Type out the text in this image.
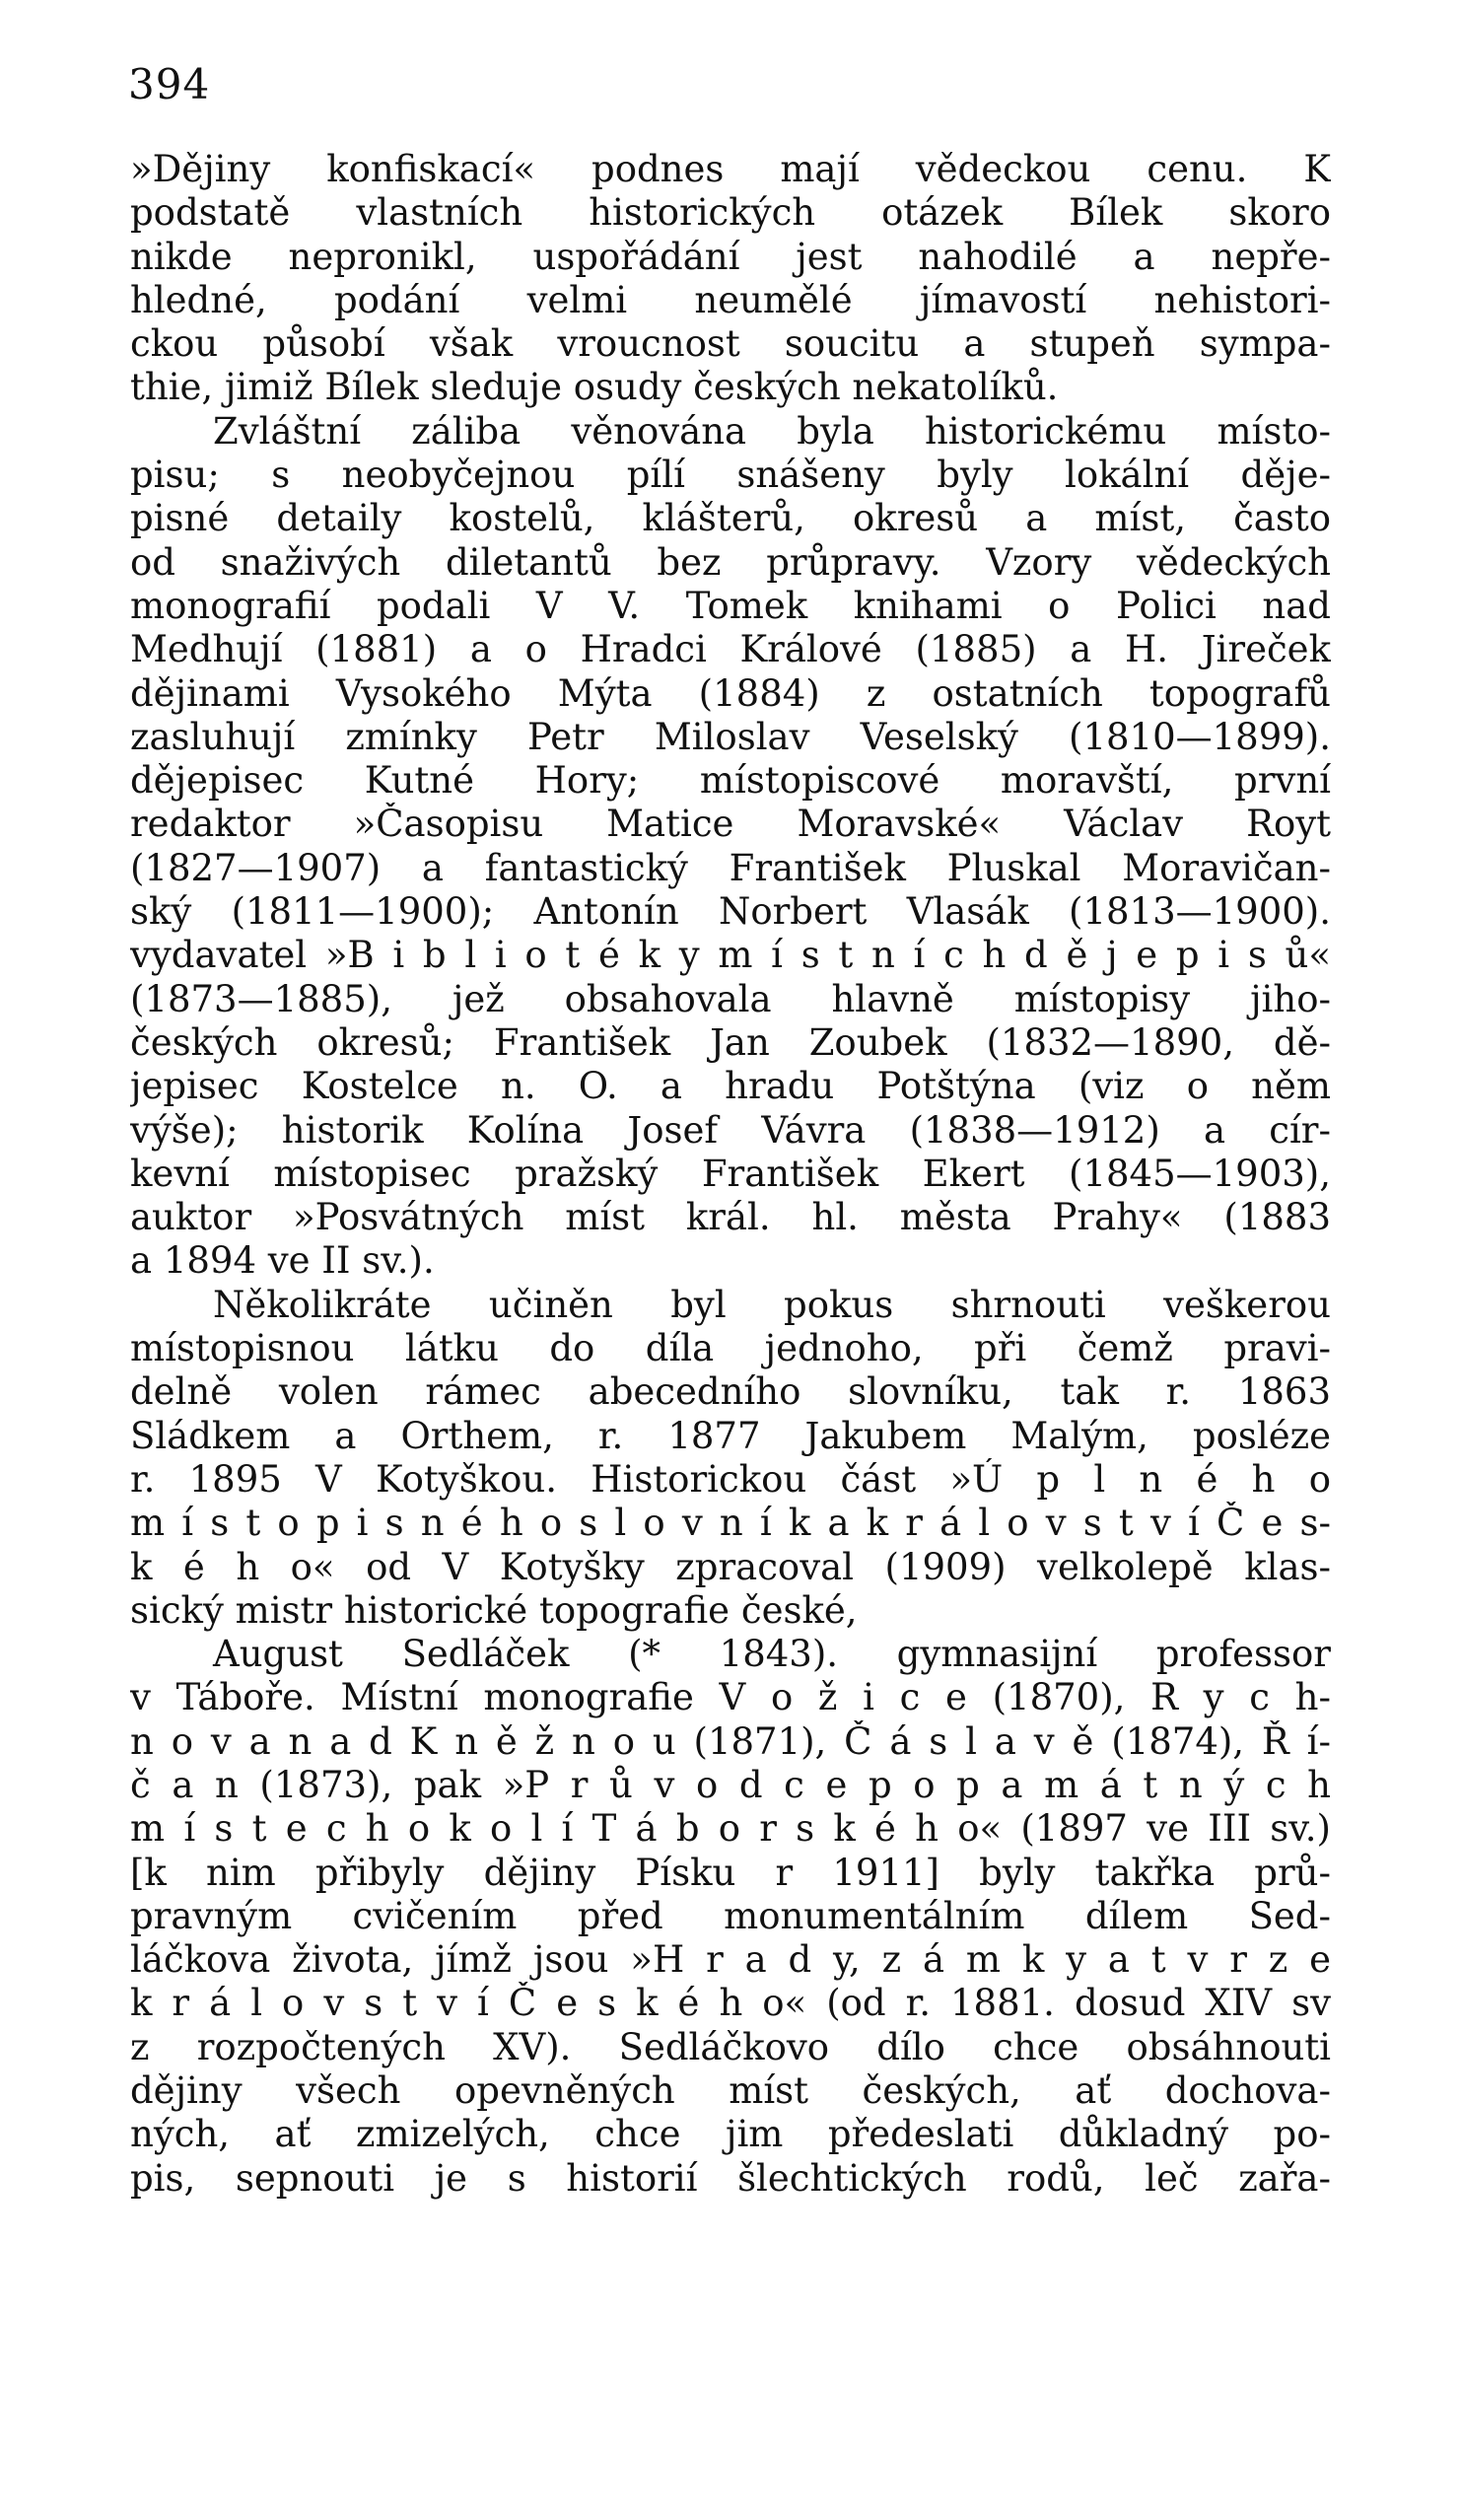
394
»Dějiny konfiskací« podnes mají vědeckou cenu. K
podstatě vlastních historických otázek Bílek skoro
nikde nepronikl, uspořádání jest nahodilé a nepře-
hledné, podání velmi neumělé jímavostí nehistori-
ckou působí však vroucnost soucitu a stupeň sympa-
thie, jimiž Bílek sleduje osudy českých nekatolíků.
Zvláštní záliba věnována byla historickému místo-
pisu; s neobyčejnou pílí snášeny byly lokální děje-
pisné detaily kostelů, klášterů, okresů a míst, často
od snaživých diletantů bez průpravy. Vzory vědeckých
monografií podali V V. Tomek knihami o Polici nad
Medhují (1881) a o Hradci Králové (1885) a H. Jireček
dějinami Vysokého Mýta (1884) z ostatních topografů
zasluhují zmínky Petr Miloslav Veselský (1810—1899).
dějepisec Kutné Hory; místopiscové moravští, první
redaktor »Časopisu Matice Moravské« Václav Royt
(1827—1907) a fantastický František Pluskal Moravičan-
ský (1811—1900); Antonín Norbert Vlasák (1813—1900).
vydavatel »B i b l i o t é k y m í s t n í c h d ě j e p i s ů«
(1873—1885), jež obsahovala hlavně místopisy jiho-
českých okresů; František Jan Zoubek (1832—1890, dě-
jepisec Kostelce n. O. a hradu Potštýna (viz o něm
výše); historik Kolína Josef Vávra (1838—1912) a cír-
kevní místopisec pražský František Ekert (1845—1903),
auktor »Posvátných míst král. hl. města Prahy« (1883
a 1894 ve II sv.).
Několikráte učiněn byl pokus shrnouti veškerou
místopisnou látku do díla jednoho, při čemž pravi-
delně volen rámec abecedního slovníku, tak r. 1863
Sládkem a Orthem, r. 1877 Jakubem Malým, posléze
r. 1895 V Kotyškou. Historickou část »Ú p l n é h o
m í s t o p i s n é h o s l o v n í k a k r á l o v s t v í Č e s-
k é h o« od V Kotyšky zpracoval (1909) velkolepě klas-
sický mistr historické topografie české,
August Sedláček (* 1843). gymnasijní professor
v Táboře. Místní monografie V o ž i c e (1870), R y c h-
n o v a n a d K n ě ž n o u (1871), Č á s l a v ě (1874), Ř í-
č a n (1873), pak »P r ů v o d c e p o p a m á t n ý c h
m í s t e c h o k o l í T á b o r s k é h o« (1897 ve III sv.)
[k nim přibyly dějiny Písku r 1911] byly takřka prů-
pravným cvičením před monumentálním dílem Sed-
láčkova života, jímž jsou »H r a d y, z á m k y a t v r z e
k r á l o v s t v í Č e s k é h o« (od r. 1881. dosud XIV sv
z rozpočtených XV). Sedláčkovo dílo chce obsáhnouti
dějiny všech opevněných míst českých, ať dochova-
ných, ať zmizelých, chce jim předeslati důkladný po-
pis, sepnouti je s historií šlechtických rodů, leč zařa-
